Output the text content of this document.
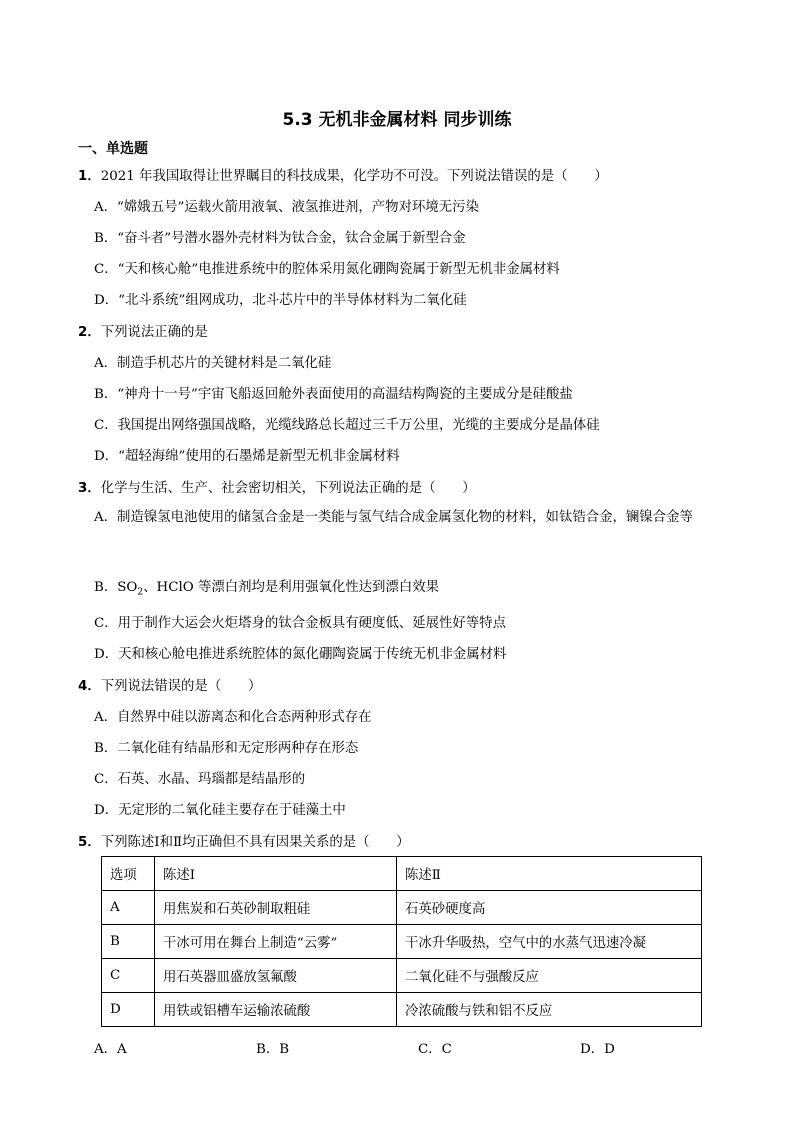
5.3 无机非金属材料 同步训练
一、单选题
1．2021 年我国取得让世界瞩目的科技成果，化学功不可没。下列说法错误的是（　　）
A．“嫦娥五号”运载火箭用液氧、液氢推进剂，产物对环境无污染
B．“奋斗者”号潜水器外壳材料为钛合金，钛合金属于新型合金
C．“天和核心舱”电推进系统中的腔体采用氮化硼陶瓷属于新型无机非金属材料
D．“北斗系统”组网成功，北斗芯片中的半导体材料为二氧化硅
2．下列说法正确的是
A．制造手机芯片的关键材料是二氧化硅
B．“神舟十一号”宇宙飞船返回舱外表面使用的高温结构陶瓷的主要成分是硅酸盐
C．我国提出网络强国战略，光缆线路总长超过三千万公里，光缆的主要成分是晶体硅
D．“超轻海绵”使用的石墨烯是新型无机非金属材料
3．化学与生活、生产、社会密切相关，下列说法正确的是（　　）
A．制造镍氢电池使用的储氢合金是一类能与氢气结合成金属氢化物的材料，如钛锆合金，镧镍合金等
B．$SO_2$、HClO 等漂白剂均是利用强氧化性达到漂白效果
C．用于制作大运会火炬塔身的钛合金板具有硬度低、延展性好等特点
D．天和核心舱电推进系统腔体的氮化硼陶瓷属于传统无机非金属材料
4．下列说法错误的是（　　）
A．自然界中硅以游离态和化合态两种形式存在
B．二氧化硅有结晶形和无定形两种存在形态
C．石英、水晶、玛瑙都是结晶形的
D．无定形的二氧化硅主要存在于硅藻土中
5．下列陈述Ⅰ和Ⅱ均正确但不具有因果关系的是（　　）
选项	陈述Ⅰ	陈述Ⅱ
A	用焦炭和石英砂制取粗硅	石英砂硬度高
B	干冰可用在舞台上制造“云雾”	干冰升华吸热，空气中的水蒸气迅速冷凝
C	用石英器皿盛放氢氟酸	二氧化硅不与强酸反应
D	用铁或铝槽车运输浓硫酸	冷浓硫酸与铁和铝不反应
A．A	B．B	C．C	D．D
